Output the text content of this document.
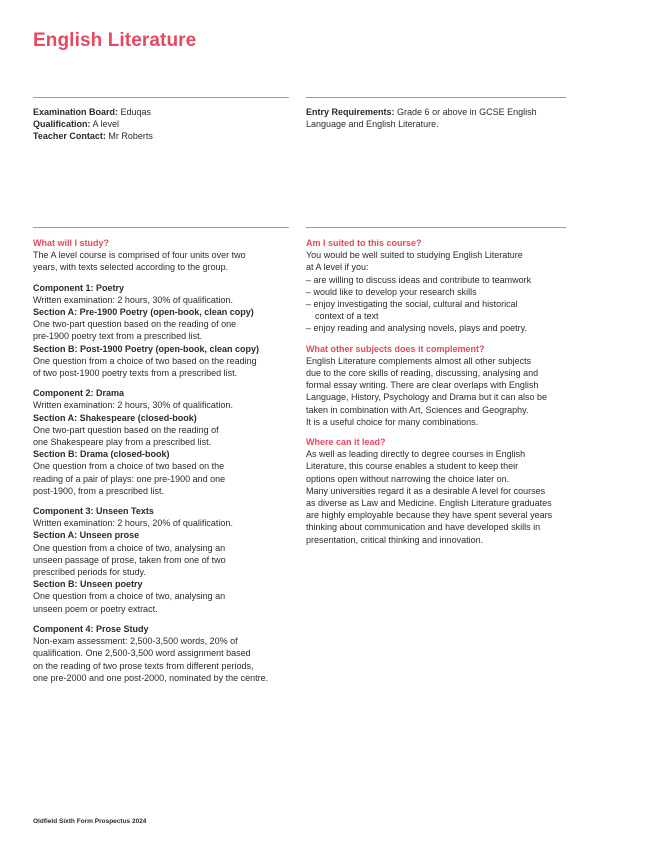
English Literature

Examination Board: Eduqas

Qualification: A level

Teacher Contact: Mr Roberts

Entry Requirements: Grade 6 or above in GCSE English

Language and English Literature.

What will I study?

The A level course is comprised of four units over two

years, with texts selected according to the group.

Component 1: Poetry

Written examination: 2 hours, 30% of qualification.

Section A: Pre-1900 Poetry (open-book, clean copy)

One two-part question based on the reading of one

pre-1900 poetry text from a prescribed list.

Section B: Post-1900 Poetry (open-book, clean copy)

One question from a choice of two based on the reading

of two post-1900 poetry texts from a prescribed list.

Component 2: Drama

Written examination: 2 hours, 30% of qualification.

Section A: Shakespeare (closed-book)

One two-part question based on the reading of

one Shakespeare play from a prescribed list.

Section B: Drama (closed-book)

One question from a choice of two based on the

reading of a pair of plays: one pre-1900 and one

post-1900, from a prescribed list.

Component 3: Unseen Texts

Written examination: 2 hours, 20% of qualification.

Section A: Unseen prose

One question from a choice of two, analysing an

unseen passage of prose, taken from one of two

prescribed periods for study.

Section B: Unseen poetry

One question from a choice of two, analysing an

unseen poem or poetry extract.

Component 4: Prose Study

Non-exam assessment: 2,500-3,500 words, 20% of

qualification. One 2,500-3,500 word assignment based

on the reading of two prose texts from different periods,

one pre-2000 and one post-2000, nominated by the centre.

Am I suited to this course?

You would be well suited to studying English Literature

at A level if you:

– are willing to discuss ideas and contribute to teamwork
– would like to develop your research skills
– enjoy investigating the social, cultural and historical context of a text
– enjoy reading and analysing novels, plays and poetry.

What other subjects does it complement?

English Literature complements almost all other subjects

due to the core skills of reading, discussing, analysing and

formal essay writing. There are clear overlaps with English

Language, History, Psychology and Drama but it can also be

taken in combination with Art, Sciences and Geography.

It is a useful choice for many combinations.

Where can it lead?

As well as leading directly to degree courses in English

Literature, this course enables a student to keep their

options open without narrowing the choice later on.

Many universities regard it as a desirable A level for courses

as diverse as Law and Medicine. English Literature graduates

are highly employable because they have spent several years

thinking about communication and have developed skills in

presentation, critical thinking and innovation.

Oldfield Sixth Form Prospectus 2024
